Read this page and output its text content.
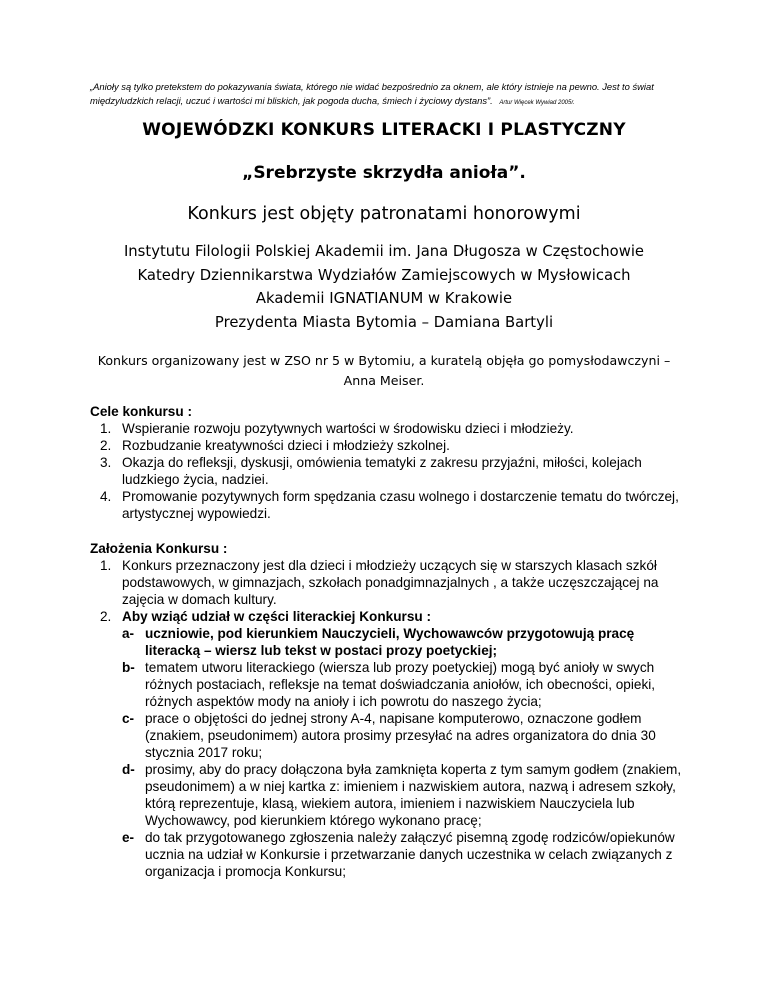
„Anioły są tylko pretekstem do pokazywania świata, którego nie widać bezpośrednio za oknem, ale który istnieje na pewno. Jest to świat międzyludzkich relacji, uczuć i wartości mi bliskich, jak pogoda ducha, śmiech i życiowy dystans”. Artur Więcek Wywiad 2005r.
WOJEWÓDZKI KONKURS LITERACKI I PLASTYCZNY
„Srebrzyste skrzydła anioła”.
Konkurs jest objęty patronatami honorowymi
Instytutu Filologii Polskiej Akademii im. Jana Długosza w Częstochowie
Katedry Dziennikarstwa Wydziałów Zamiejscowych w Mysłowicach
Akademii IGNATIANUM w Krakowie
Prezydenta Miasta Bytomia – Damiana Bartyli
Konkurs organizowany jest w ZSO nr 5 w Bytomiu, a kuratelą objęła go pomysłodawczyni – Anna Meiser.

Cele konkursu :

1. Wspieranie rozwoju pozytywnych wartości w środowisku dzieci i młodzieży.
2. Rozbudzanie kreatywności dzieci i młodzieży szkolnej.
3. Okazja do refleksji, dyskusji, omówienia tematyki z zakresu przyjaźni, miłości, kolejach ludzkiego życia, nadziei.
4. Promowanie pozytywnych form spędzania czasu wolnego i dostarczenie tematu do twórczej, artystycznej wypowiedzi.

Założenia Konkursu :

1. Konkurs przeznaczony jest dla dzieci i młodzieży uczących się w starszych klasach szkół podstawowych, w gimnazjach, szkołach ponadgimnazjalnych , a także uczęszczającej na zajęcia w domach kultury.
2. Aby wziąć udział w części literackiej Konkursu :
a- uczniowie, pod kierunkiem Nauczycieli, Wychowawców przygotowują pracę literacką – wiersz lub tekst w postaci prozy poetyckiej;
b- tematem utworu literackiego (wiersza lub prozy poetyckiej) mogą być anioły w swych różnych postaciach, refleksje na temat doświadczania aniołów, ich obecności, opieki, różnych aspektów mody na anioły i ich powrotu do naszego życia;
c- prace o objętości do jednej strony A-4, napisane komputerowo, oznaczone godłem (znakiem, pseudonimem) autora prosimy przesyłać na adres organizatora do dnia 30 stycznia 2017 roku;
d- prosimy, aby do pracy dołączona była zamknięta koperta z tym samym godłem (znakiem, pseudonimem) a w niej kartka z: imieniem i nazwiskiem autora, nazwą i adresem szkoły, którą reprezentuje, klasą, wiekiem autora, imieniem i nazwiskiem Nauczyciela lub Wychowawcy, pod kierunkiem którego wykonano pracę;
e- do tak przygotowanego zgłoszenia należy załączyć pisemną zgodę rodziców/opiekunów ucznia na udział w Konkursie i przetwarzanie danych uczestnika w celach związanych z organizacja i promocja Konkursu;
